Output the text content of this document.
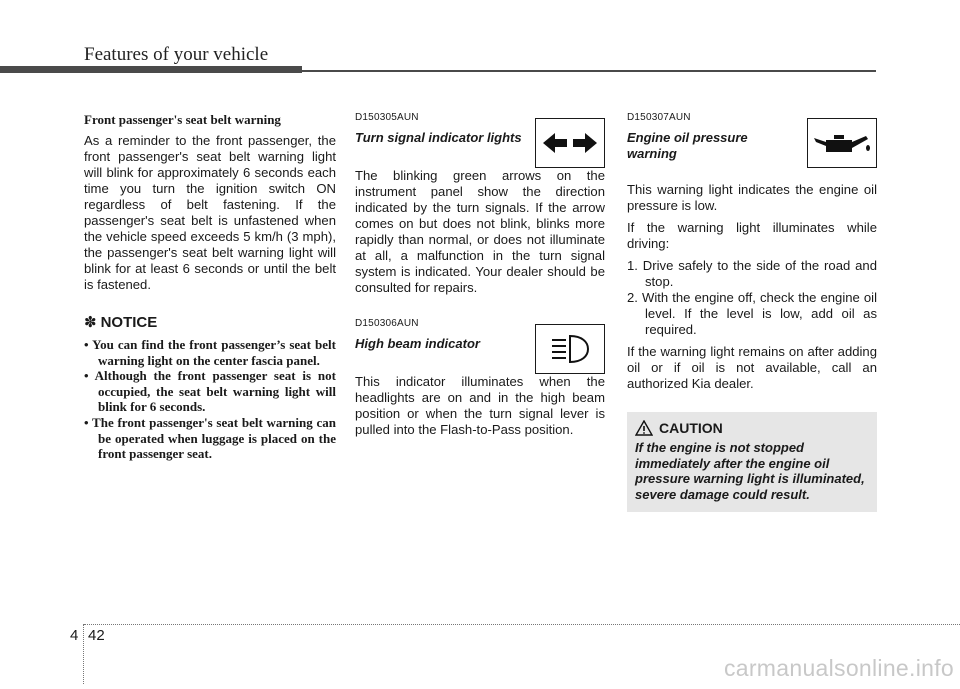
Features of your vehicle
Front passenger's seat belt warning

As a reminder to the front passenger, the front passenger's seat belt warning light will blink for approximately 6 seconds each time you turn the ignition switch ON regardless of belt fastening. If the passenger's seat belt is unfastened when the vehicle speed exceeds 5 km/h (3 mph), the passenger's seat belt warning light will blink for at least 6 seconds or until the belt is fastened.

✽ NOTICE
• You can find the front passenger’s seat belt warning light on the center fascia panel.
• Although the front passenger seat is not occupied, the seat belt warning light will blink for 6 seconds.
• The front passenger's seat belt warning can be operated when luggage is placed on the front passenger seat.
D150305AUN
Turn signal indicator lights

The blinking green arrows on the instrument panel show the direction indicated by the turn signals. If the arrow comes on but does not blink, blinks more rapidly than normal, or does not illuminate at all, a malfunction in the turn signal system is indicated. Your dealer should be consulted for repairs.

D150306AUN
High beam indicator

This indicator illuminates when the headlights are on and in the high beam position or when the turn signal lever is pulled into the Flash-to-Pass position.

D150307AUN
Engine oil pressure warning

This warning light indicates the engine oil pressure is low.

If the warning light illuminates while driving:

1. Drive safely to the side of the road and stop.
2. With the engine off, check the engine oil level. If the level is low, add oil as required.

If the warning light remains on after adding oil or if oil is not available, call an authorized Kia dealer.

CAUTION

If the engine is not stopped immediately after the engine oil pressure warning light is illuminated, severe damage could result.

4 42
carmanualsonline.info
